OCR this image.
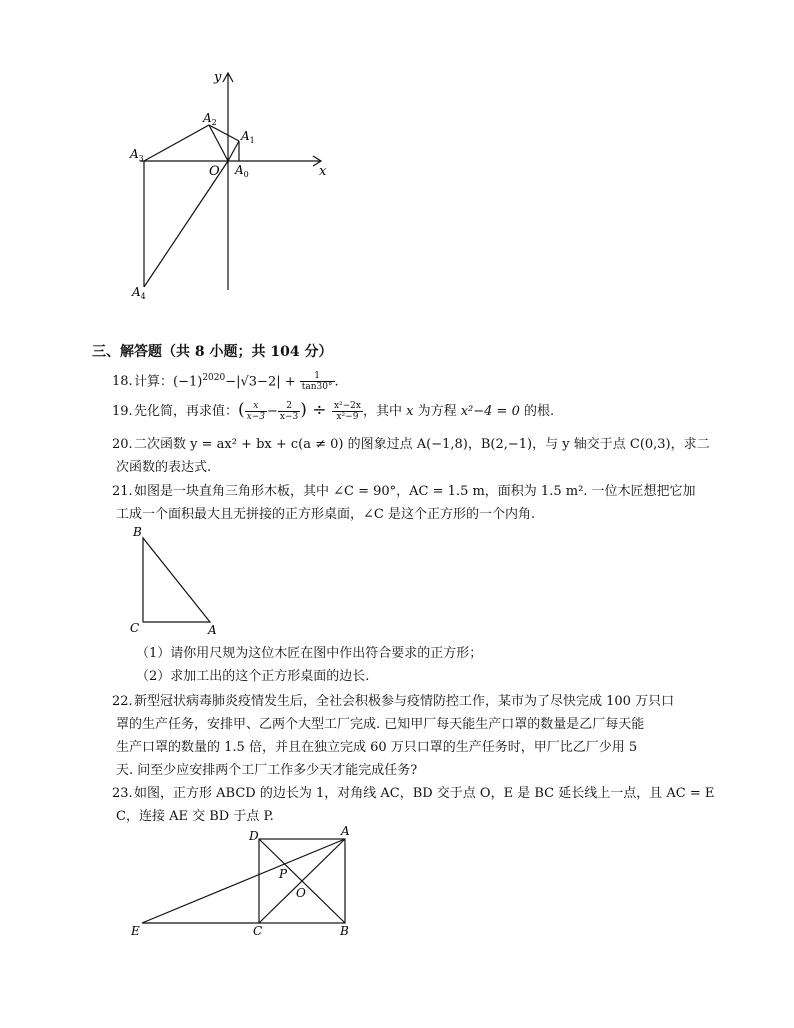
y
x
O $A_0$
$A_1$
$A_2$
$A_3$
$A_4$
三、解答题（共 8 小题；共 104 分）
18.计算：$(-1)^{2020}-|√3-2| + \frac{1}{\tan 30^\circ}$ .
19.先化简，再求值：( $\frac{x}{x-3} - \frac{2}{x-3}$ ) ÷ $\frac{\text{x²−2x}}{\text{x²−9}}$ ，其中 x 为方程 x²−4 = 0 的根.
20.二次函数 y = ax² + bx + c(a ≠ 0) 的图象过点 A(−1,8)，B(2,−1)，与 y 轴交于点 C(0,3)，求二
次函数的表达式.
21.如图是一块直角三角形木板，其中 ∠C = 90°，AC = 1.5 m，面积为 1.5 m². 一位木匠想把它加
工成一个面积最大且无拼接的正方形桌面，∠C 是这个正方形的一个内角.
B
C	A
（1）请你用尺规为这位木匠在图中作出符合要求的正方形；
（2）求加工出的这个正方形桌面的边长.
22.新型冠状病毒肺炎疫情发生后，全社会积极参与疫情防控工作，某市为了尽快完成 100 万只口
罩的生产任务，安排甲、乙两个大型工厂完成. 已知甲厂每天能生产口罩的数量是乙厂每天能
生产口罩的数量的 1.5 倍，并且在独立完成 60 万只口罩的生产任务时，甲厂比乙厂少用 5
天. 问至少应安排两个工厂工作多少天才能完成任务?
23.如图，正方形 ABCD 的边长为 1，对角线 AC，BD 交于点 O，E 是 BC 延长线上一点，且 AC = E
C，连接 AE 交 BD 于点 P.
D	A
P
O
E	C	B
